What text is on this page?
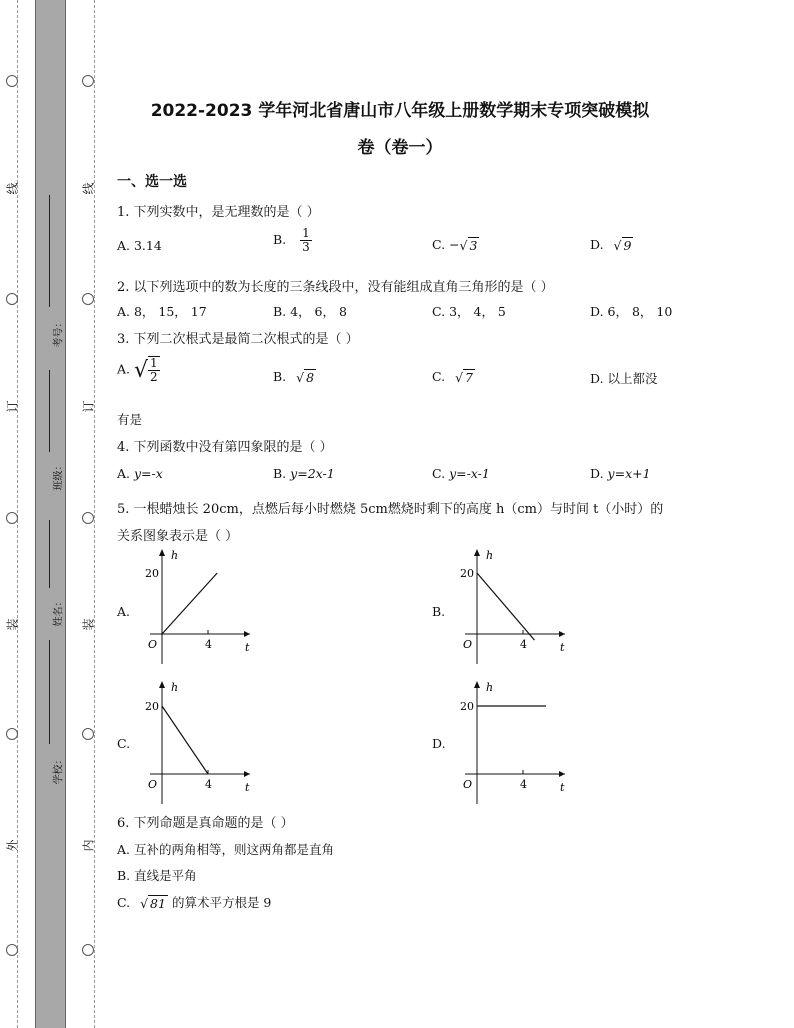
线
订
装
外
线
订
装
内
考号：
班级：
姓名：
学校：
2022-2023 学年河北省唐山市八年级上册数学期末专项突破模拟
卷（卷一）
一、选一选
1. 下列实数中，是无理数的是（ ）
A. 3.14	B. $\frac{1}{3}$	C. −√ 3	D. √ 9
2. 以下列选项中的数为长度的三条线段中，没有能组成直角三角形的是（ ）
A. 8， 15， 17	B. 4， 6， 8	C. 3， 4， 5	D. 6， 8， 10
3. 下列二次根式是最简二次根式的是（ ）
A. √ $\frac{1}{2}$	B. √ 8	C. √ 7	D. 以上都没
有是
4. 下列函数中没有第四象限的是（ ）
A. y=-x	B. y=2x-1	C. y=-x-1	D. y=x+1
5. 一根蜡烛长 20cm，点燃后每小时燃烧 5cm燃烧时剩下的高度 h（cm）与时间 t（小时）的
关系图象表示是（ ）
A.	B.
C.	D.
h
t
O
20
4
h
t
O
20
4
h
t
O
20
4
h
t
O
20
4
6. 下列命题是真命题的是（ ）
A. 互补的两角相等，则这两角都是直角
B. 直线是平角
C. √ 81 的算术平方根是 9
